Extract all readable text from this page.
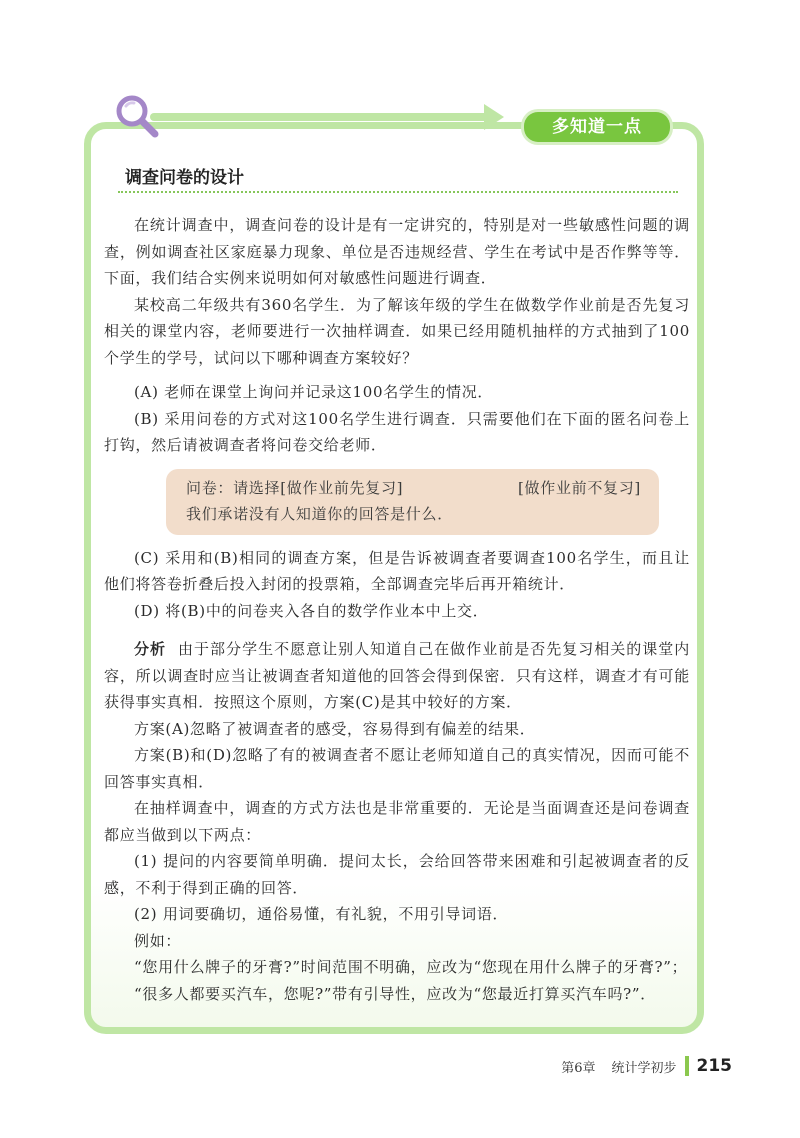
多知道一点
调查问卷的设计

在统计调查中，调查问卷的设计是有一定讲究的，特别是对一些敏感性问题的调查，例如调查社区家庭暴力现象、单位是否违规经营、学生在考试中是否作弊等等．下面，我们结合实例来说明如何对敏感性问题进行调查．

某校高二年级共有360名学生．为了解该年级的学生在做数学作业前是否先复习相关的课堂内容，老师要进行一次抽样调查．如果已经用随机抽样的方式抽到了100个学生的学号，试问以下哪种调查方案较好？

(A) 老师在课堂上询问并记录这100名学生的情况．

(B) 采用问卷的方式对这100名学生进行调查．只需要他们在下面的匿名问卷上打钩，然后请被调查者将问卷交给老师．

问卷：请选择[做作业前先复习]	[做作业前不复习]
我们承诺没有人知道你的回答是什么．

(C) 采用和(B)相同的调查方案，但是告诉被调查者要调查100名学生，而且让他们将答卷折叠后投入封闭的投票箱，全部调查完毕后再开箱统计．

(D) 将(B)中的问卷夹入各自的数学作业本中上交．

分析 由于部分学生不愿意让别人知道自己在做作业前是否先复习相关的课堂内容，所以调查时应当让被调查者知道他的回答会得到保密．只有这样，调查才有可能获得事实真相．按照这个原则，方案(C)是其中较好的方案．

方案(A)忽略了被调查者的感受，容易得到有偏差的结果．

方案(B)和(D)忽略了有的被调查者不愿让老师知道自己的真实情况，因而可能不回答事实真相．

在抽样调查中，调查的方式方法也是非常重要的．无论是当面调查还是问卷调查都应当做到以下两点：

(1) 提问的内容要简单明确．提问太长，会给回答带来困难和引起被调查者的反感，不利于得到正确的回答．

(2) 用词要确切，通俗易懂，有礼貌，不用引导词语．

例如：

“您用什么牌子的牙膏?”时间范围不明确，应改为“您现在用什么牌子的牙膏?”；

“很多人都要买汽车，您呢?”带有引导性，应改为“您最近打算买汽车吗?”．

第6章 统计学初步 215
